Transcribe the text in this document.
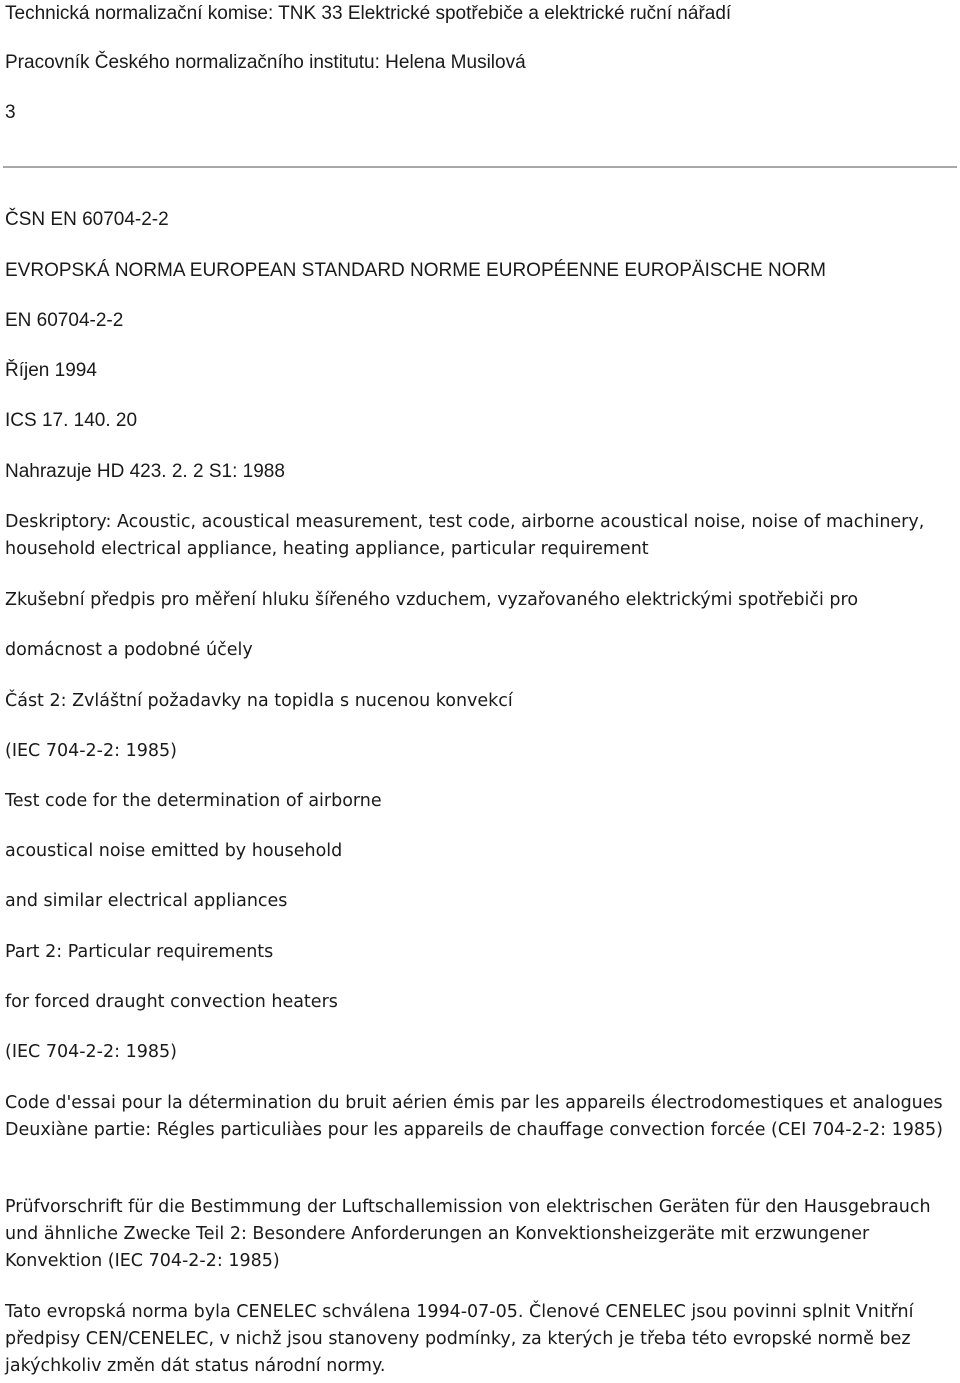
Technická normalizační komise: TNK 33 Elektrické spotřebiče a elektrické ruční nářadí

Pracovník Českého normalizačního institutu: Helena Musilová

3

ČSN EN 60704-2-2

EVROPSKÁ NORMA EUROPEAN STANDARD NORME EUROPÉENNE EUROPÄISCHE NORM

EN 60704-2-2

Říjen 1994

ICS 17. 140. 20

Nahrazuje HD 423. 2. 2 S1: 1988

Deskriptory: Acoustic, acoustical measurement, test code, airborne acoustical noise, noise of machinery, household electrical appliance, heating appliance, particular requirement

Zkušební předpis pro měření hluku šířeného vzduchem, vyzařovaného elektrickými spotřebiči pro

domácnost a podobné účely

Část 2: Zvláštní požadavky na topidla s nucenou konvekcí

(IEC 704-2-2: 1985)

Test code for the determination of airborne

acoustical noise emitted by household

and similar electrical appliances

Part 2: Particular requirements

for forced draught convection heaters

(IEC 704-2-2: 1985)

Code d'essai pour la détermination du bruit aérien émis par les appareils électrodomestiques et analogues Deuxiàne partie: Régles particuliàes pour les appareils de chauffage convection forcée (CEI 704-2-2: 1985)

Prüfvorschrift für die Bestimmung der Luftschallemission von elektrischen Geräten für den Hausgebrauch und ähnliche Zwecke Teil 2: Besondere Anforderungen an Konvektionsheizgeräte mit erzwungener Konvektion (IEC 704-2-2: 1985)

Tato evropská norma byla CENELEC schválena 1994-07-05. Členové CENELEC jsou povinni splnit Vnitřní předpisy CEN/CENELEC, v nichž jsou stanoveny podmínky, za kterých je třeba této evropské normě bez jakýchkoliv změn dát status národní normy.
